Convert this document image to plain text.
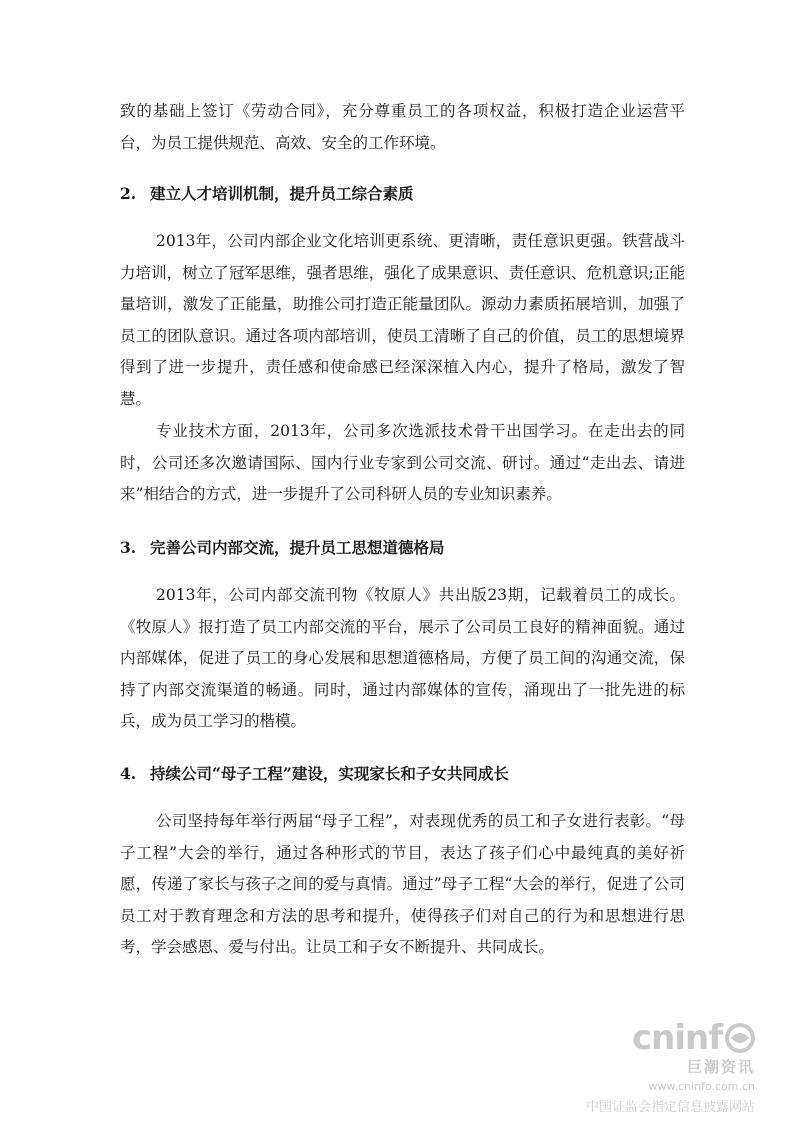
致的基础上签订《劳动合同》，充分尊重员工的各项权益，积极打造企业运营平台，为员工提供规范、高效、安全的工作环境。

2. 建立人才培训机制，提升员工综合素质

2013年，公司内部企业文化培训更系统、更清晰，责任意识更强。铁营战斗力培训，树立了冠军思维，强者思维，强化了成果意识、责任意识、危机意识;正能量培训，激发了正能量，助推公司打造正能量团队。源动力素质拓展培训，加强了员工的团队意识。通过各项内部培训，使员工清晰了自己的价值，员工的思想境界得到了进一步提升，责任感和使命感已经深深植入内心，提升了格局，激发了智慧。

专业技术方面，2013年，公司多次选派技术骨干出国学习。在走出去的同时，公司还多次邀请国际、国内行业专家到公司交流、研讨。通过“走出去、请进来”相结合的方式，进一步提升了公司科研人员的专业知识素养。

3. 完善公司内部交流，提升员工思想道德格局

2013年，公司内部交流刊物《牧原人》共出版23期，记载着员工的成长。《牧原人》报打造了员工内部交流的平台，展示了公司员工良好的精神面貌。通过内部媒体，促进了员工的身心发展和思想道德格局，方便了员工间的沟通交流，保持了内部交流渠道的畅通。同时，通过内部媒体的宣传，涌现出了一批先进的标兵，成为员工学习的楷模。

4. 持续公司“母子工程”建设，实现家长和子女共同成长

公司坚持每年举行两届“母子工程”，对表现优秀的员工和子女进行表彰。“母子工程”大会的举行，通过各种形式的节目，表达了孩子们心中最纯真的美好祈愿，传递了家长与孩子之间的爱与真情。通过”母子工程“大会的举行，促进了公司员工对于教育理念和方法的思考和提升，使得孩子们对自己的行为和思想进行思考，学会感恩、爱与付出。让员工和子女不断提升、共同成长。

cninf
巨潮资讯
www.cninfo.com.cn
中国证监会指定信息披露网站
